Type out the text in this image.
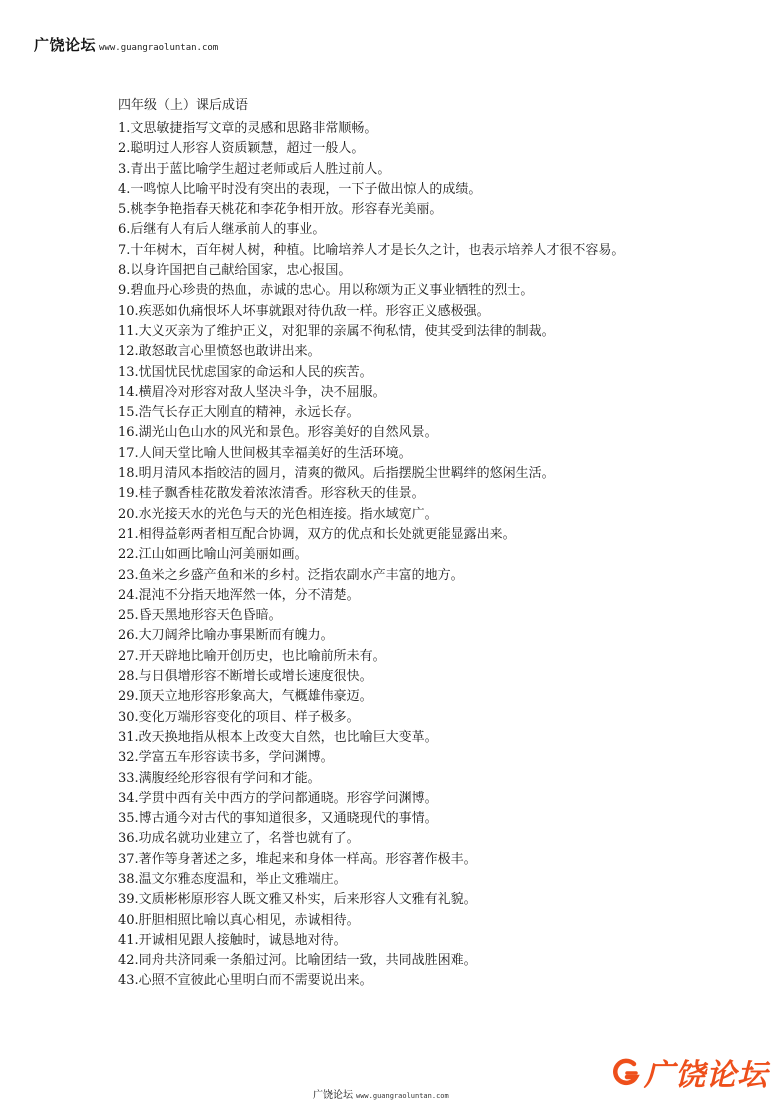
广饶论坛 www.guangraoluntan.com
四年级（上）课后成语
1.文思敏捷指写文章的灵感和思路非常顺畅。
2.聪明过人形容人资质颖慧，超过一般人。
3.青出于蓝比喻学生超过老师或后人胜过前人。
4.一鸣惊人比喻平时没有突出的表现，一下子做出惊人的成绩。
5.桃李争艳指春天桃花和李花争相开放。形容春光美丽。
6.后继有人有后人继承前人的事业。
7.十年树木，百年树人树，种植。比喻培养人才是长久之计，也表示培养人才很不容易。
8.以身许国把自己献给国家，忠心报国。
9.碧血丹心珍贵的热血，赤诚的忠心。用以称颂为正义事业牺牲的烈士。
10.疾恶如仇痛恨坏人坏事就跟对待仇敌一样。形容正义感极强。
11.大义灭亲为了维护正义，对犯罪的亲属不徇私情，使其受到法律的制裁。
12.敢怒敢言心里愤怒也敢讲出来。
13.忧国忧民忧虑国家的命运和人民的疾苦。
14.横眉冷对形容对敌人坚决斗争，决不屈服。
15.浩气长存正大刚直的精神，永远长存。
16.湖光山色山水的风光和景色。形容美好的自然风景。
17.人间天堂比喻人世间极其幸福美好的生活环境。
18.明月清风本指皎洁的圆月，清爽的微风。后指摆脱尘世羁绊的悠闲生活。
19.桂子飘香桂花散发着浓浓清香。形容秋天的佳景。
20.水光接天水的光色与天的光色相连接。指水域宽广。
21.相得益彰两者相互配合协调，双方的优点和长处就更能显露出来。
22.江山如画比喻山河美丽如画。
23.鱼米之乡盛产鱼和米的乡村。泛指农副水产丰富的地方。
24.混沌不分指天地浑然一体，分不清楚。
25.昏天黑地形容天色昏暗。
26.大刀阔斧比喻办事果断而有魄力。
27.开天辟地比喻开创历史，也比喻前所未有。
28.与日俱增形容不断增长或增长速度很快。
29.顶天立地形容形象高大，气概雄伟豪迈。
30.变化万端形容变化的项目、样子极多。
31.改天换地指从根本上改变大自然，也比喻巨大变革。
32.学富五车形容读书多，学问渊博。
33.满腹经纶形容很有学问和才能。
34.学贯中西有关中西方的学问都通晓。形容学问渊博。
35.博古通今对古代的事知道很多，又通晓现代的事情。
36.功成名就功业建立了，名誉也就有了。
37.著作等身著述之多，堆起来和身体一样高。形容著作极丰。
38.温文尔雅态度温和，举止文雅端庄。
39.文质彬彬原形容人既文雅又朴实，后来形容人文雅有礼貌。
40.肝胆相照比喻以真心相见，赤诚相待。
41.开诚相见跟人接触时，诚恳地对待。
42.同舟共济同乘一条船过河。比喻团结一致，共同战胜困难。
43.心照不宣彼此心里明白而不需要说出来。
广饶论坛 www.guangraoluntan.com
广饶论坛
